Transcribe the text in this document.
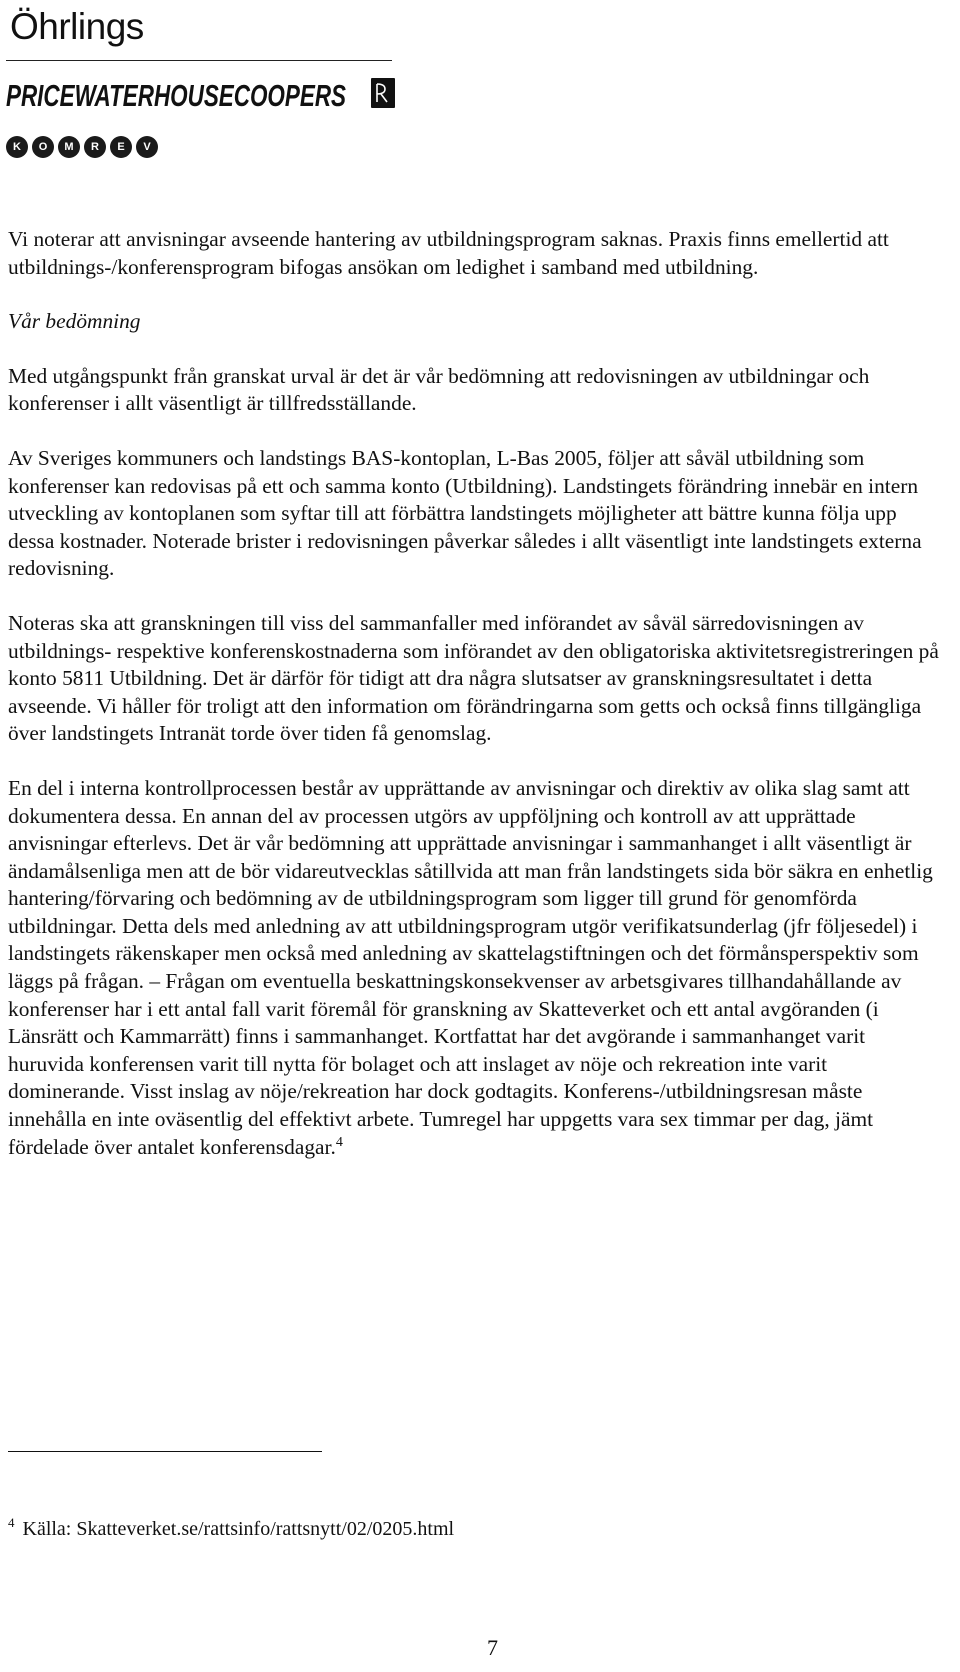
Öhrlings
PRICEWATERHOUSECOOPERS
K	O	M	R	E	V

Vi noterar att anvisningar avseende hantering av utbildningsprogram saknas. Praxis finns emellertid att utbildnings-/konferensprogram bifogas ansökan om ledighet i samband med utbildning.

Vår bedömning

Med utgångspunkt från granskat urval är det är vår bedömning att redovisningen av utbildningar och konferenser i allt väsentligt är tillfredsställande.

Av Sveriges kommuners och landstings BAS-kontoplan, L-Bas 2005, följer att såväl utbildning som konferenser kan redovisas på ett och samma konto (Utbildning). Landstingets förändring innebär en intern utveckling av kontoplanen som syftar till att förbättra landstingets möjligheter att bättre kunna följa upp dessa kostnader. Noterade brister i redovisningen påverkar således i allt väsentligt inte landstingets externa redovisning.

Noteras ska att granskningen till viss del sammanfaller med införandet av såväl särredovisningen av utbildnings- respektive konferenskostnaderna som införandet av den obligatoriska aktivitetsregistreringen på konto 5811 Utbildning. Det är därför för tidigt att dra några slutsatser av granskningsresultatet i detta avseende. Vi håller för troligt att den information om förändringarna som getts och också finns tillgängliga över landstingets Intranät torde över tiden få genomslag.

En del i interna kontrollprocessen består av upprättande av anvisningar och direktiv av olika slag samt att dokumentera dessa. En annan del av processen utgörs av uppföljning och kontroll av att upprättade anvisningar efterlevs. Det är vår bedömning att upprättade anvisningar i sammanhanget i allt väsentligt är ändamålsenliga men att de bör vidareutvecklas såtillvida att man från landstingets sida bör säkra en enhetlig hantering/förvaring och bedömning av de utbildningsprogram som ligger till grund för genomförda utbildningar. Detta dels med anledning av att utbildningsprogram utgör verifikatsunderlag (jfr följesedel) i landstingets räkenskaper men också med anledning av skattelagstiftningen och det förmånsperspektiv som läggs på frågan. – Frågan om eventuella beskattningskonsekvenser av arbetsgivares tillhandahållande av konferenser har i ett antal fall varit föremål för granskning av Skatteverket och ett antal avgöranden (i Länsrätt och Kammarrätt) finns i sammanhanget. Kortfattat har det avgörande i sammanhanget varit huruvida konferensen varit till nytta för bolaget och att inslaget av nöje och rekreation inte varit dominerande. Visst inslag av nöje/rekreation har dock godtagits. Konferens-/utbildningsresan måste innehålla en inte oväsentlig del effektivt arbete. Tumregel har uppgetts vara sex timmar per dag, jämt fördelade över antalet konferensdagar.$^4$

$^4$ Källa: Skatteverket.se/rattsinfo/rattsnytt/02/0205.html
7
